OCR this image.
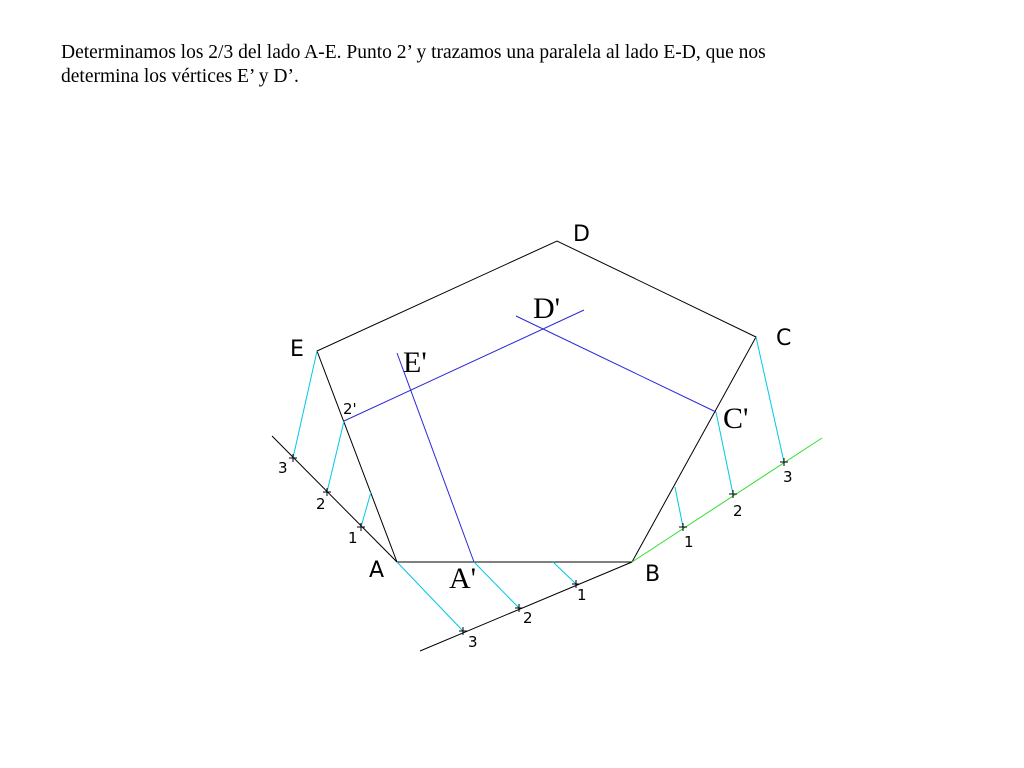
Determinamos los 2/3 del lado A-E. Punto 2’ y trazamos una paralela al lado E-D, que nos
determina los vértices E’ y D’.
A	B
C
D
E
A'
C'
D'
E'
2'
1
2
3
1
2
3
1
2
3
